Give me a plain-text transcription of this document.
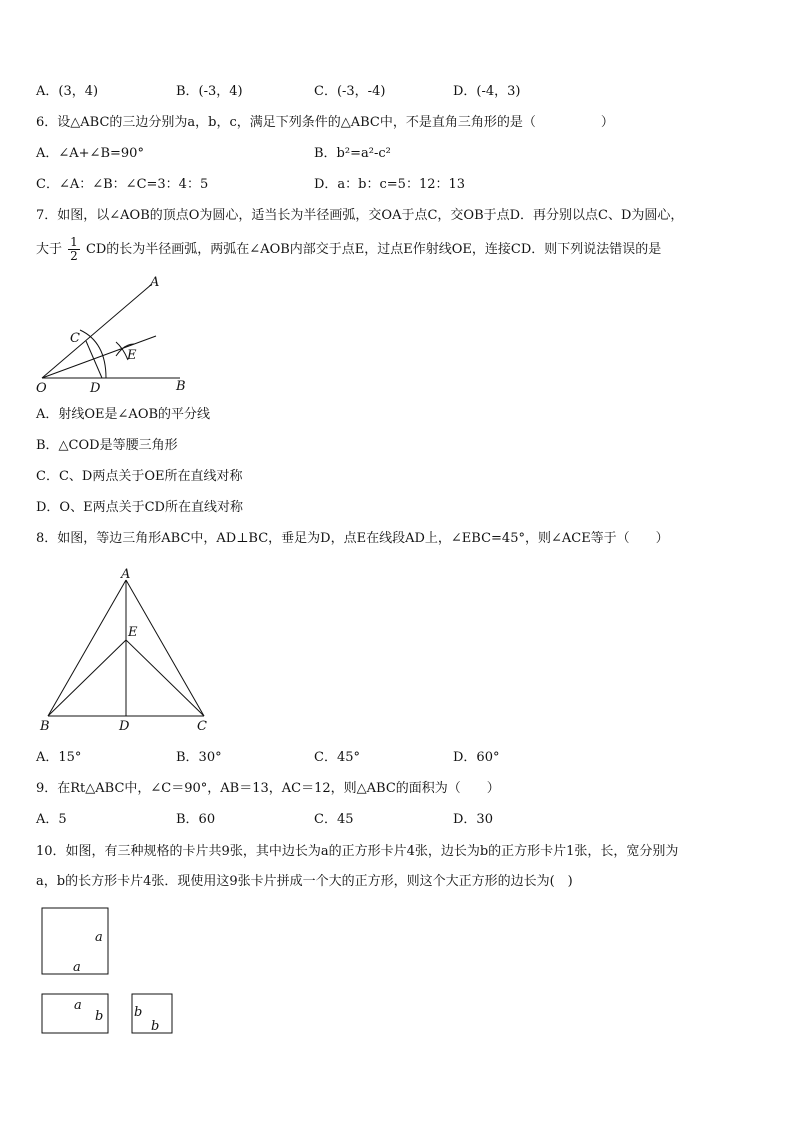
A．(3，4)	B．(-3，4)	C．(-3，-4)	D．(-4，3)
6．设△ABC的三边分别为a，b，c，满足下列条件的△ABC中，不是直角三角形的是（　　　　　）
A．∠A+∠B=90°	B．b²=a²-c²
C．∠A：∠B：∠C=3：4：5	D．a：b：c=5：12：13
7．如图，以∠AOB的顶点O为圆心，适当长为半径画弧，交OA于点C，交OB于点D．再分别以点C、D为圆心，
大于 $\frac{1}{2}$ CD的长为半径画弧，两弧在∠AOB内部交于点E，过点E作射线OE，连接CD．则下列说法错误的是
C
D
E
A
B
O
A．射线OE是∠AOB的平分线
B．△COD是等腰三角形
C．C、D两点关于OE所在直线对称
D．O、E两点关于CD所在直线对称
8．如图，等边三角形ABC中，AD⊥BC，垂足为D，点E在线段AD上，∠EBC=45°，则∠ACE等于（　　）
A
E
B	D	C
A．15°	B．30°	C．45°	D．60°
9．在Rt△ABC中，∠C＝90°，AB＝13，AC＝12，则△ABC的面积为（　　）
A．5	B．60	C．45	D．30
10．如图，有三种规格的卡片共9张，其中边长为a的正方形卡片4张，边长为b的正方形卡片1张，长，宽分别为
a，b的长方形卡片4张．现使用这9张卡片拼成一个大的正方形，则这个大正方形的边长为(　)
a
a
a
b b
b
